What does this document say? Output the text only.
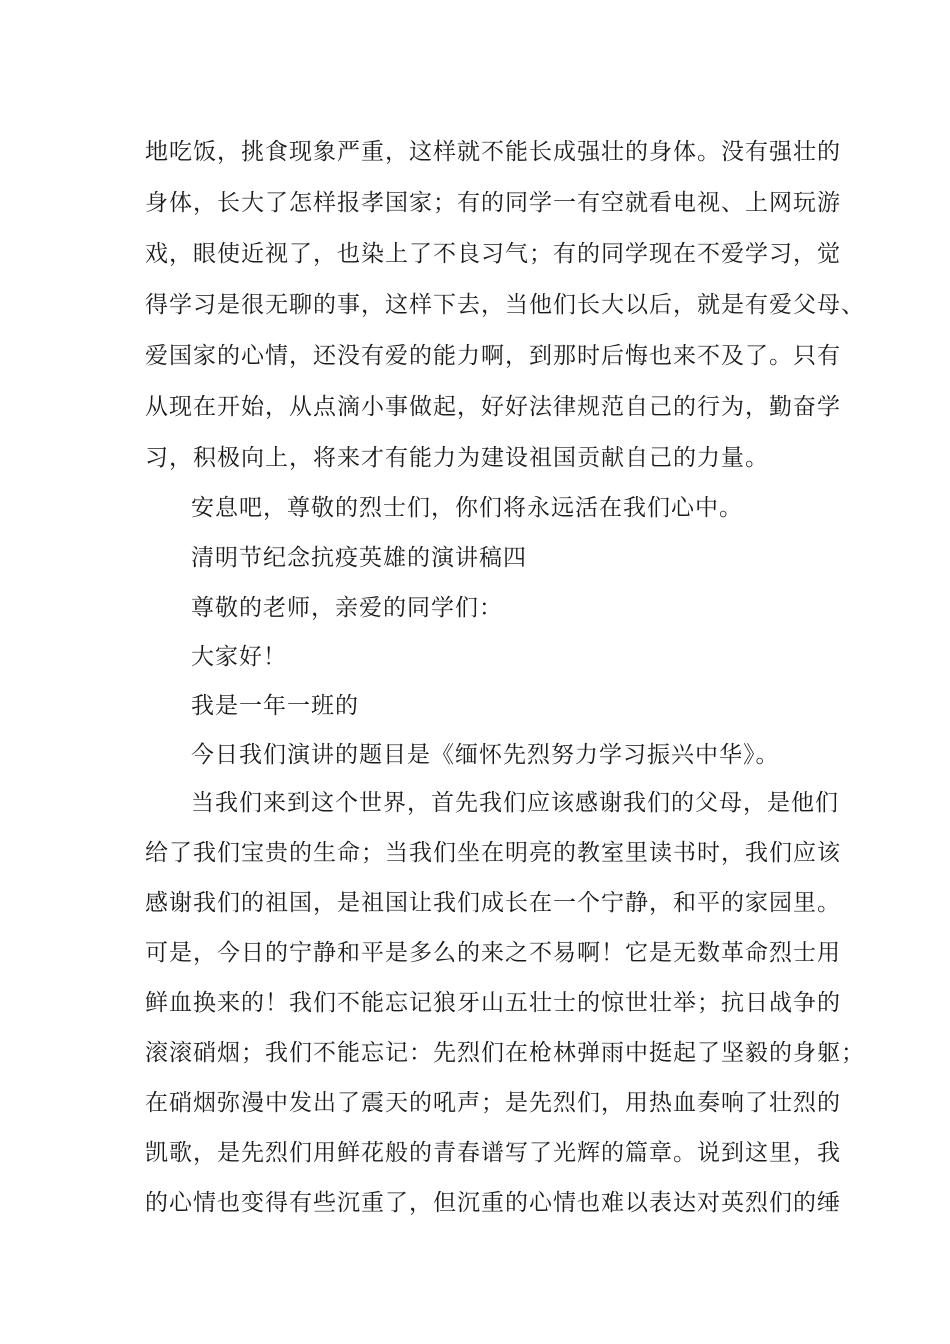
地吃饭，挑食现象严重，这样就不能长成强壮的身体。没有强壮的
身体，长大了怎样报孝国家；有的同学一有空就看电视、上网玩游
戏，眼使近视了，也染上了不良习气；有的同学现在不爱学习，觉
得学习是很无聊的事，这样下去，当他们长大以后，就是有爱父母、
爱国家的心情，还没有爱的能力啊，到那时后悔也来不及了。只有
从现在开始，从点滴小事做起，好好法律规范自己的行为，勤奋学
习，积极向上，将来才有能力为建设祖国贡献自己的力量。
安息吧，尊敬的烈士们，你们将永远活在我们心中。
清明节纪念抗疫英雄的演讲稿四
尊敬的老师，亲爱的同学们：
大家好！
我是一年一班的
今日我们演讲的题目是《缅怀先烈努力学习振兴中华》。
当我们来到这个世界，首先我们应该感谢我们的父母，是他们
给了我们宝贵的生命；当我们坐在明亮的教室里读书时，我们应该
感谢我们的祖国，是祖国让我们成长在一个宁静，和平的家园里。
可是，今日的宁静和平是多么的来之不易啊！它是无数革命烈士用
鲜血换来的！我们不能忘记狼牙山五壮士的惊世壮举；抗日战争的
滚滚硝烟；我们不能忘记：先烈们在枪林弹雨中挺起了坚毅的身躯；
在硝烟弥漫中发出了震天的吼声；是先烈们，用热血奏响了壮烈的
凯歌，是先烈们用鲜花般的青春谱写了光辉的篇章。说到这里，我
的心情也变得有些沉重了，但沉重的心情也难以表达对英烈们的缍
